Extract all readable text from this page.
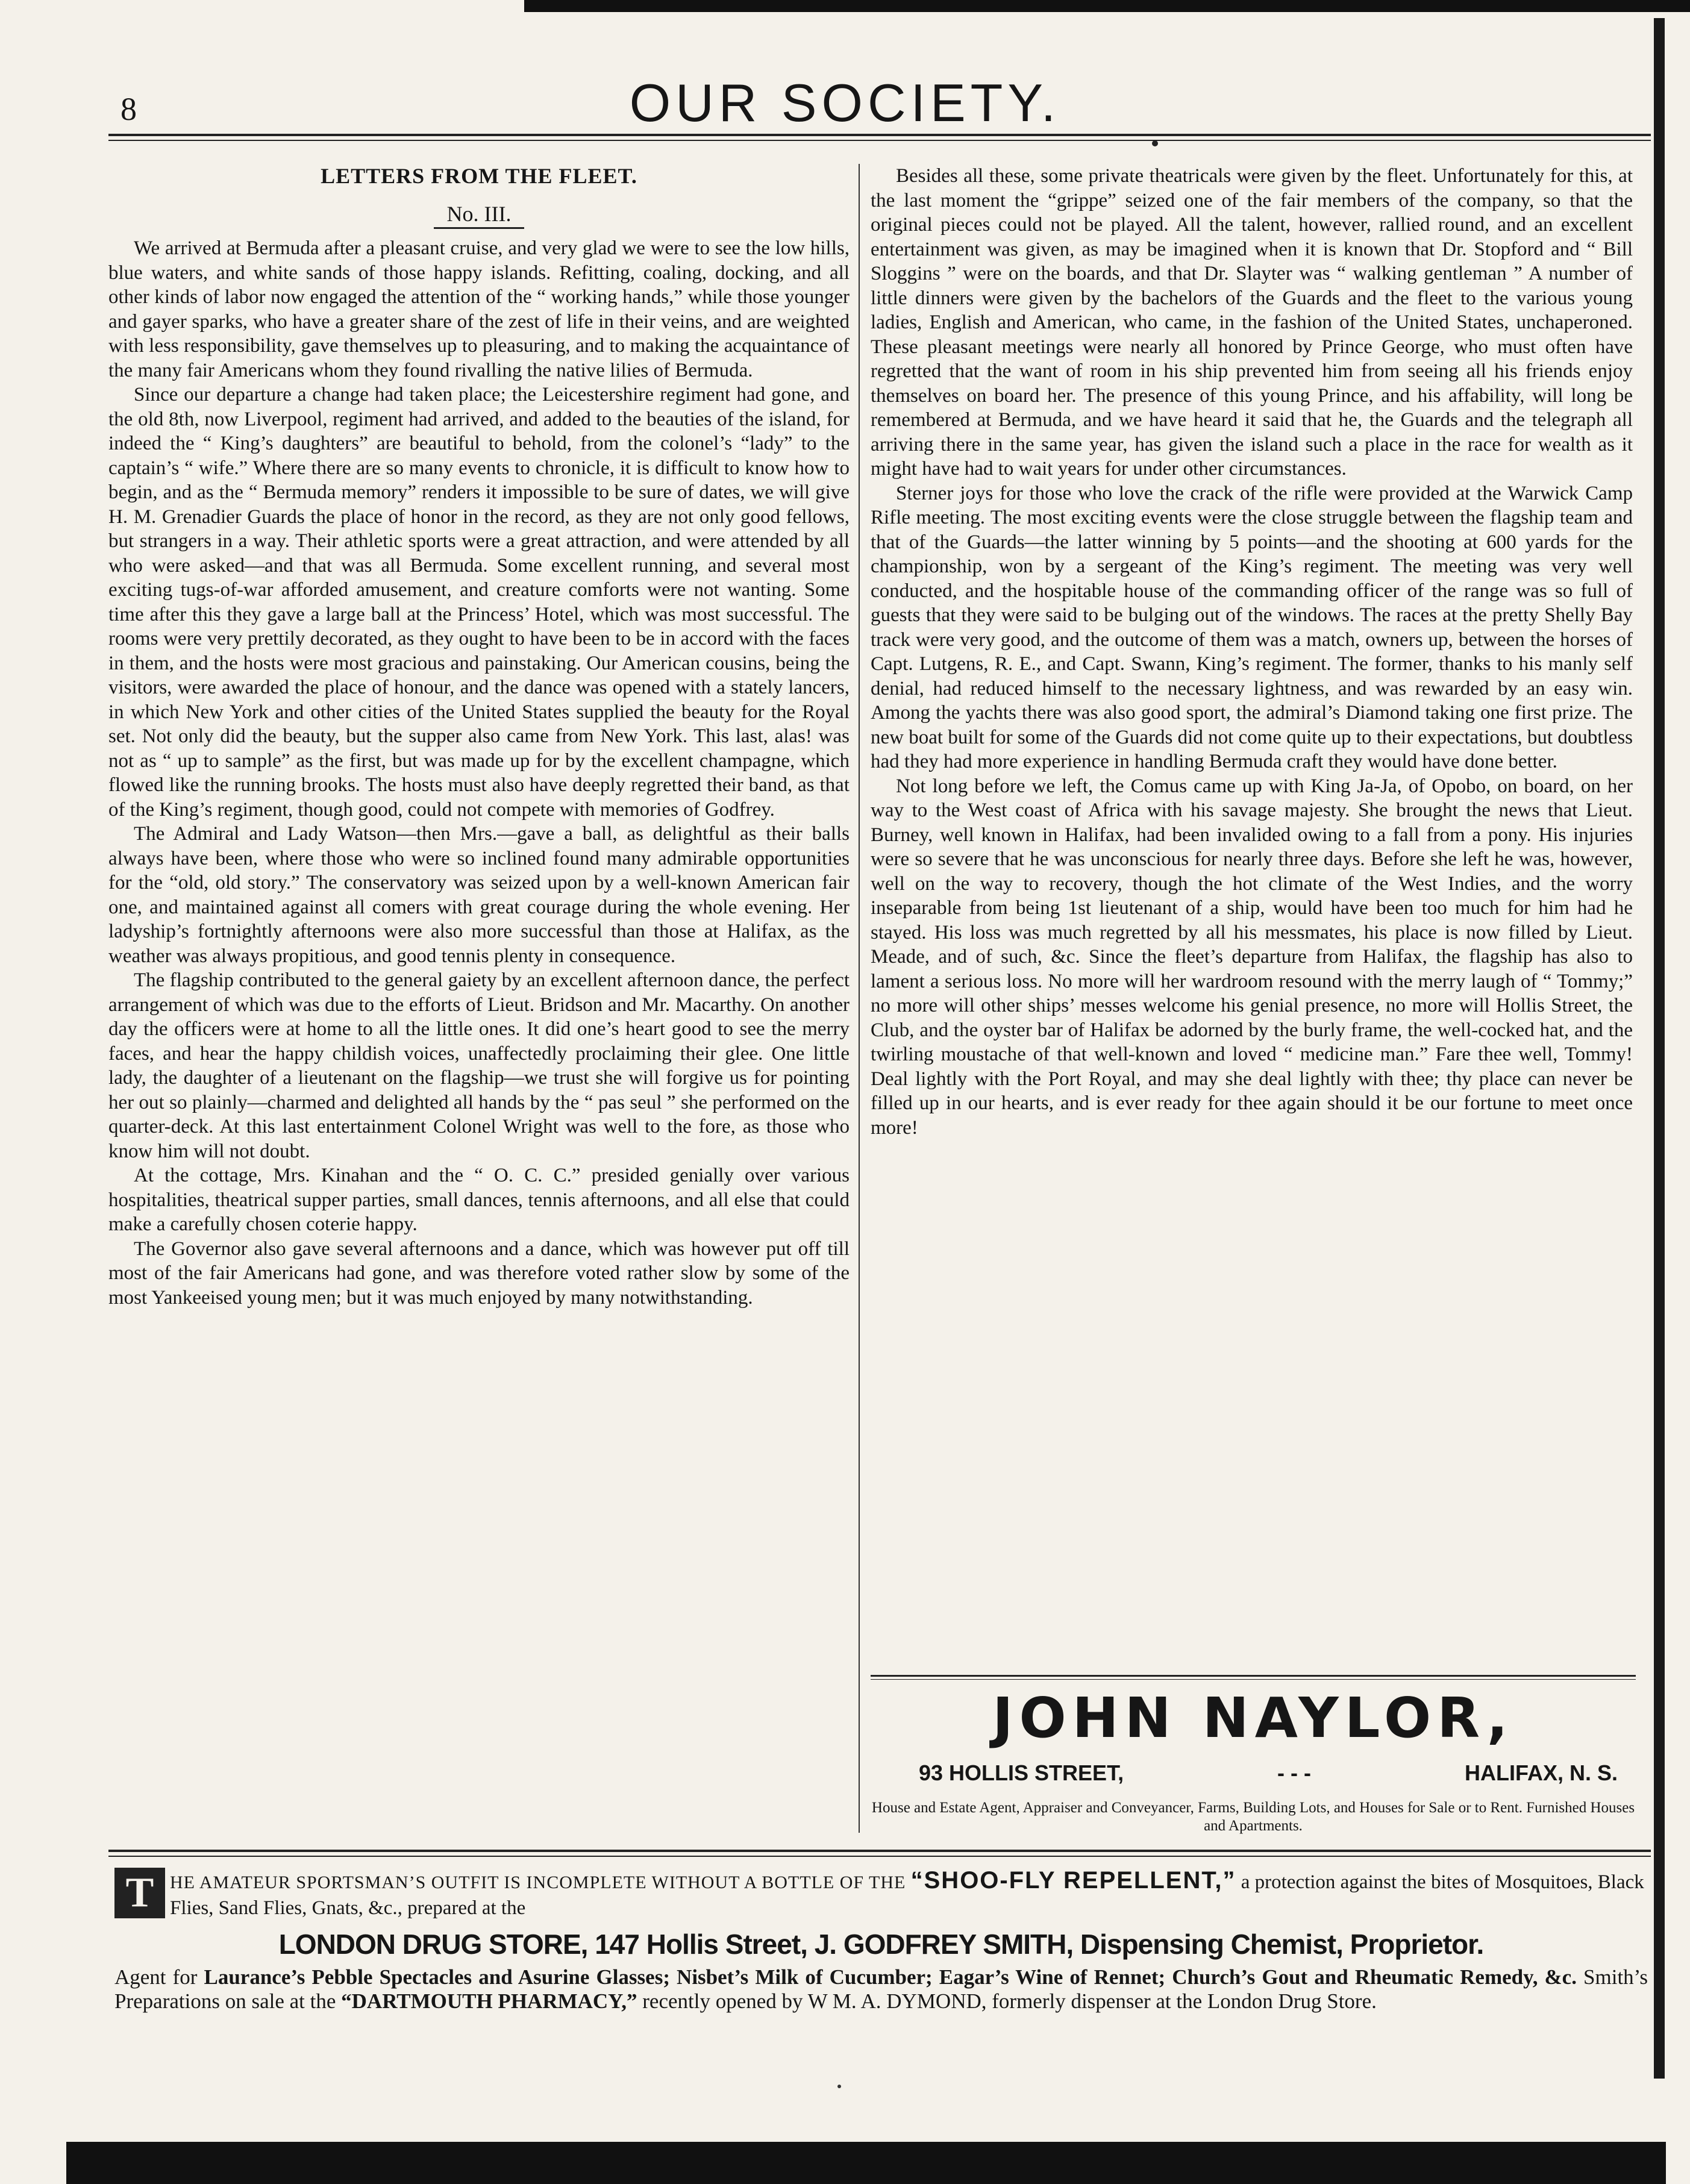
8	OUR SOCIETY.
LETTERS FROM THE FLEET.
No. III.

We arrived at Bermuda after a pleasant cruise, and very glad we were to see the low hills, blue waters, and white sands of those happy islands. Refitting, coaling, docking, and all other kinds of labor now engaged the attention of the “ working hands,” while those younger and gayer sparks, who have a greater share of the zest of life in their veins, and are weighted with less responsibility, gave themselves up to pleasuring, and to making the acquaintance of the many fair Americans whom they found rivalling the native lilies of Bermuda.

Since our departure a change had taken place; the Leicestershire regiment had gone, and the old 8th, now Liverpool, regiment had arrived, and added to the beauties of the island, for indeed the “ King’s daughters” are beautiful to behold, from the colonel’s “lady” to the captain’s “ wife.” Where there are so many events to chronicle, it is difficult to know how to begin, and as the “ Bermuda memory” renders it impossible to be sure of dates, we will give H. M. Grenadier Guards the place of honor in the record, as they are not only good fellows, but strangers in a way. Their athletic sports were a great attraction, and were attended by all who were asked—and that was all Bermuda. Some excellent running, and several most exciting tugs-of-war afforded amusement, and creature comforts were not wanting. Some time after this they gave a large ball at the Princess’ Hotel, which was most successful. The rooms were very prettily decorated, as they ought to have been to be in accord with the faces in them, and the hosts were most gracious and painstaking. Our American cousins, being the visitors, were awarded the place of honour, and the dance was opened with a stately lancers, in which New York and other cities of the United States supplied the beauty for the Royal set. Not only did the beauty, but the supper also came from New York. This last, alas! was not as “ up to sample” as the first, but was made up for by the excellent champagne, which flowed like the running brooks. The hosts must also have deeply regretted their band, as that of the King’s regiment, though good, could not compete with memories of Godfrey.

The Admiral and Lady Watson—then Mrs.—gave a ball, as delightful as their balls always have been, where those who were so inclined found many admirable opportunities for the “old, old story.” The conservatory was seized upon by a well-known American fair one, and maintained against all comers with great courage during the whole evening. Her ladyship’s fortnightly afternoons were also more successful than those at Halifax, as the weather was always propitious, and good tennis plenty in consequence.

The flagship contributed to the general gaiety by an excellent afternoon dance, the perfect arrangement of which was due to the efforts of Lieut. Bridson and Mr. Macarthy. On another day the officers were at home to all the little ones. It did one’s heart good to see the merry faces, and hear the happy childish voices, unaffectedly proclaiming their glee. One little lady, the daughter of a lieutenant on the flagship—we trust she will forgive us for pointing her out so plainly—charmed and delighted all hands by the “ pas seul ” she performed on the quarter-deck. At this last entertainment Colonel Wright was well to the fore, as those who know him will not doubt.

At the cottage, Mrs. Kinahan and the “ O. C. C.” presided genially over various hospitalities, theatrical supper parties, small dances, tennis afternoons, and all else that could make a carefully chosen coterie happy.

The Governor also gave several afternoons and a dance, which was however put off till most of the fair Americans had gone, and was therefore voted rather slow by some of the most Yankeeised young men; but it was much enjoyed by many notwithstanding.

Besides all these, some private theatricals were given by the fleet. Unfortunately for this, at the last moment the “grippe” seized one of the fair members of the company, so that the original pieces could not be played. All the talent, however, rallied round, and an excellent entertainment was given, as may be imagined when it is known that Dr. Stopford and “ Bill Sloggins ” were on the boards, and that Dr. Slayter was “ walking gentleman ” A number of little dinners were given by the bachelors of the Guards and the fleet to the various young ladies, English and American, who came, in the fashion of the United States, unchaperoned. These pleasant meetings were nearly all honored by Prince George, who must often have regretted that the want of room in his ship prevented him from seeing all his friends enjoy themselves on board her. The presence of this young Prince, and his affability, will long be remembered at Bermuda, and we have heard it said that he, the Guards and the telegraph all arriving there in the same year, has given the island such a place in the race for wealth as it might have had to wait years for under other circumstances.

Sterner joys for those who love the crack of the rifle were provided at the Warwick Camp Rifle meeting. The most exciting events were the close struggle between the flagship team and that of the Guards—the latter winning by 5 points—and the shooting at 600 yards for the championship, won by a sergeant of the King’s regiment. The meeting was very well conducted, and the hospitable house of the commanding officer of the range was so full of guests that they were said to be bulging out of the windows. The races at the pretty Shelly Bay track were very good, and the outcome of them was a match, owners up, between the horses of Capt. Lutgens, R. E., and Capt. Swann, King’s regiment. The former, thanks to his manly self denial, had reduced himself to the necessary lightness, and was rewarded by an easy win. Among the yachts there was also good sport, the admiral’s Diamond taking one first prize. The new boat built for some of the Guards did not come quite up to their expectations, but doubtless had they had more experience in handling Bermuda craft they would have done better.

Not long before we left, the Comus came up with King Ja-Ja, of Opobo, on board, on her way to the West coast of Africa with his savage majesty. She brought the news that Lieut. Burney, well known in Halifax, had been invalided owing to a fall from a pony. His injuries were so severe that he was unconscious for nearly three days. Before she left he was, however, well on the way to recovery, though the hot climate of the West Indies, and the worry inseparable from being 1st lieutenant of a ship, would have been too much for him had he stayed. His loss was much regretted by all his messmates, his place is now filled by Lieut. Meade, and of such, &c. Since the fleet’s departure from Halifax, the flagship has also to lament a serious loss. No more will her wardroom resound with the merry laugh of “ Tommy;” no more will other ships’ messes welcome his genial presence, no more will Hollis Street, the Club, and the oyster bar of Halifax be adorned by the burly frame, the well-cocked hat, and the twirling moustache of that well-known and loved “ medicine man.” Fare thee well, Tommy! Deal lightly with the Port Royal, and may she deal lightly with thee; thy place can never be filled up in our hearts, and is ever ready for thee again should it be our fortune to meet once more!

JOHN NAYLOR,
93 HOLLIS STREET,	- - -	HALIFAX, N. S.
House and Estate Agent, Appraiser and Conveyancer, Farms, Building Lots, and Houses for Sale or to Rent. Furnished Houses and Apartments.
T HE AMATEUR SPORTSMAN’S OUTFIT IS INCOMPLETE WITHOUT A BOTTLE OF THE “SHOO-FLY REPELLENT,” a protection against the bites of Mosquitoes, Black Flies, Sand Flies, Gnats, &c., prepared at the
LONDON DRUG STORE, 147 Hollis Street, J. GODFREY SMITH, Dispensing Chemist, Proprietor.
Agent for Laurance’s Pebble Spectacles and Asurine Glasses; Nisbet’s Milk of Cucumber; Eagar’s Wine of Rennet; Church’s Gout and Rheumatic Remedy, &c. Smith’s Preparations on sale at the “DARTMOUTH PHARMACY,” recently opened by W M. A. DYMOND, formerly dispenser at the London Drug Store.
